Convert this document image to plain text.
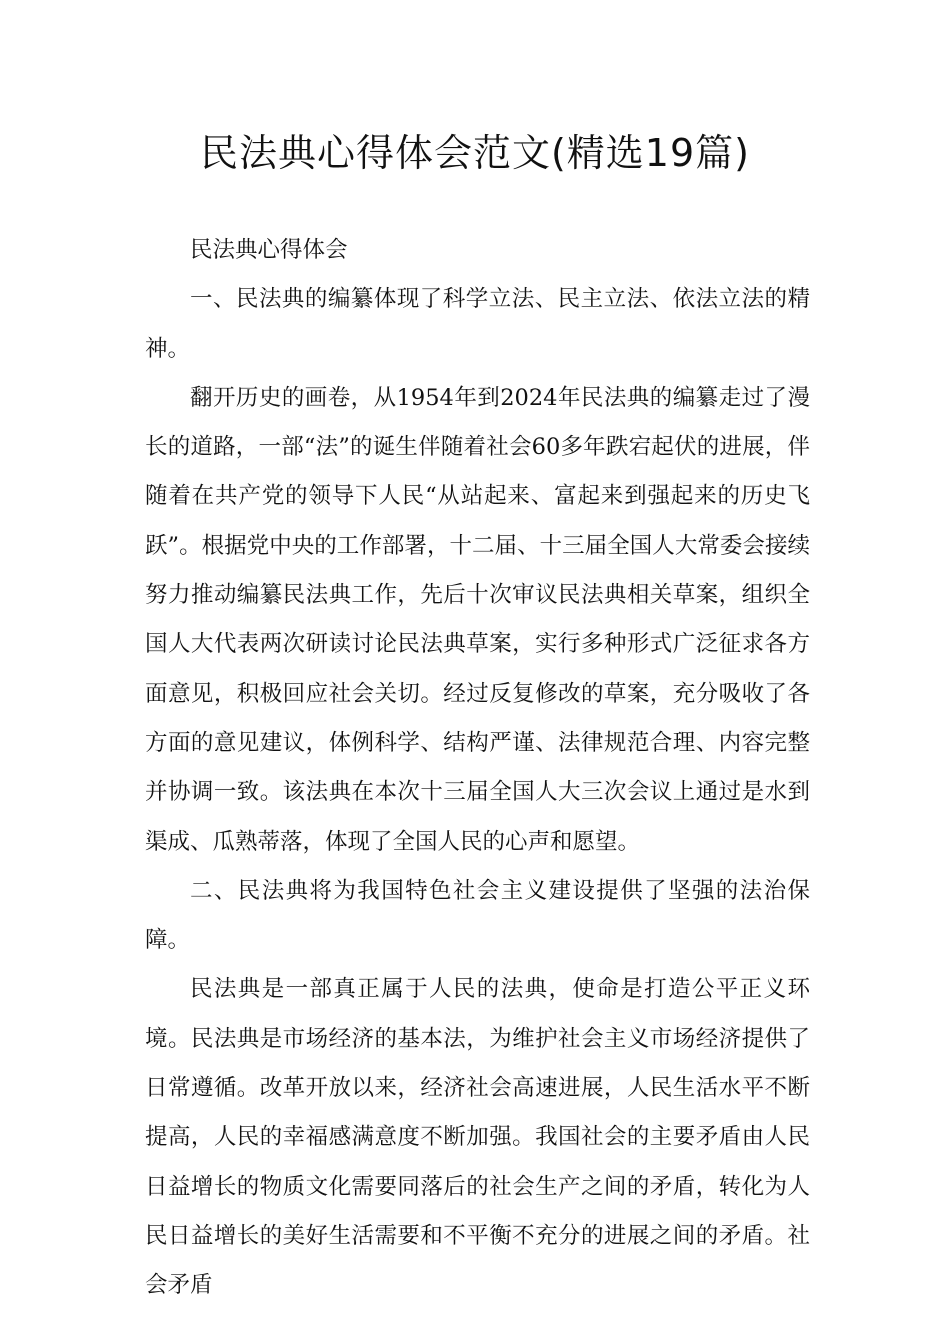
民法典心得体会范文(精选19篇)

民法典心得体会

一、民法典的编纂体现了科学立法、民主立法、依法立法的精神。

翻开历史的画卷，从1954年到2024年民法典的编纂走过了漫长的道路，一部“法”的诞生伴随着社会60多年跌宕起伏的进展，伴随着在共产党的领导下人民“从站起来、富起来到强起来的历史飞跃”。根据党中央的工作部署，十二届、十三届全国人大常委会接续努力推动编纂民法典工作，先后十次审议民法典相关草案，组织全国人大代表两次研读讨论民法典草案，实行多种形式广泛征求各方面意见，积极回应社会关切。经过反复修改的草案，充分吸收了各方面的意见建议，体例科学、结构严谨、法律规范合理、内容完整并协调一致。该法典在本次十三届全国人大三次会议上通过是水到渠成、瓜熟蒂落，体现了全国人民的心声和愿望。

二、民法典将为我国特色社会主义建设提供了坚强的法治保障。

民法典是一部真正属于人民的法典，使命是打造公平正义环境。民法典是市场经济的基本法，为维护社会主义市场经济提供了日常遵循。改革开放以来，经济社会高速进展，人民生活水平不断提高，人民的幸福感满意度不断加强。我国社会的主要矛盾由人民日益增长的物质文化需要同落后的社会生产之间的矛盾，转化为人民日益增长的美好生活需要和不平衡不充分的进展之间的矛盾。社会矛盾
